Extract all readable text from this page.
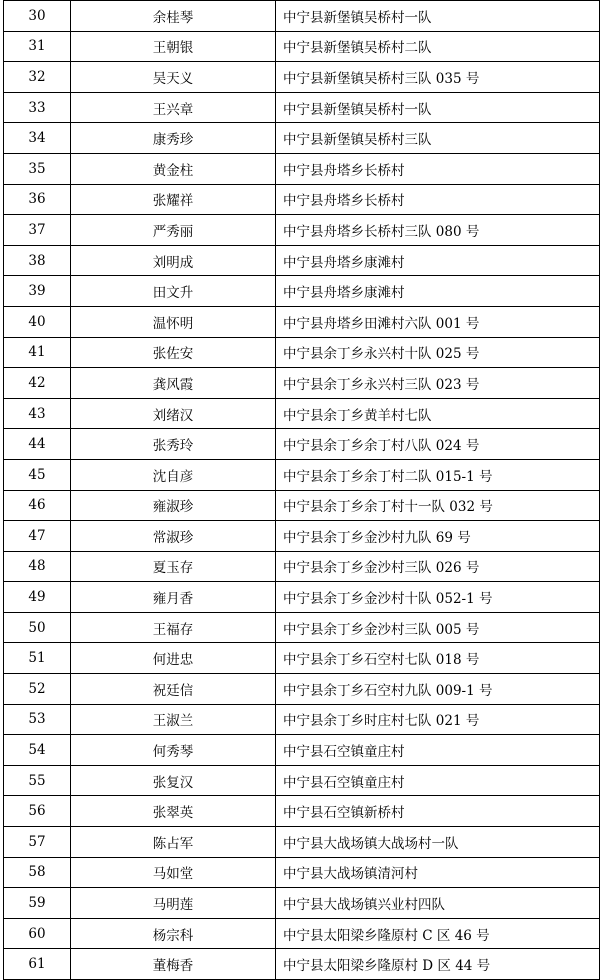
30	余桂琴	中宁县新堡镇吴桥村一队
31	王朝银	中宁县新堡镇吴桥村二队
32	吴天义	中宁县新堡镇吴桥村三队 035 号
33	王兴章	中宁县新堡镇吴桥村一队
34	康秀珍	中宁县新堡镇吴桥村三队
35	黄金柱	中宁县舟塔乡长桥村
36	张耀祥	中宁县舟塔乡长桥村
37	严秀丽	中宁县舟塔乡长桥村三队 080 号
38	刘明成	中宁县舟塔乡康滩村
39	田文升	中宁县舟塔乡康滩村
40	温怀明	中宁县舟塔乡田滩村六队 001 号
41	张佐安	中宁县余丁乡永兴村十队 025 号
42	龚风霞	中宁县余丁乡永兴村三队 023 号
43	刘绪汉	中宁县余丁乡黄羊村七队
44	张秀玲	中宁县余丁乡余丁村八队 024 号
45	沈自彦	中宁县余丁乡余丁村二队 015-1 号
46	雍淑珍	中宁县余丁乡余丁村十一队 032 号
47	常淑珍	中宁县余丁乡金沙村九队 69 号
48	夏玉存	中宁县余丁乡金沙村三队 026 号
49	雍月香	中宁县余丁乡金沙村十队 052-1 号
50	王福存	中宁县余丁乡金沙村三队 005 号
51	何进忠	中宁县余丁乡石空村七队 018 号
52	祝廷信	中宁县余丁乡石空村九队 009-1 号
53	王淑兰	中宁县余丁乡时庄村七队 021 号
54	何秀琴	中宁县石空镇童庄村
55	张复汉	中宁县石空镇童庄村
56	张翠英	中宁县石空镇新桥村
57	陈占军	中宁县大战场镇大战场村一队
58	马如堂	中宁县大战场镇清河村
59	马明莲	中宁县大战场镇兴业村四队
60	杨宗科	中宁县太阳梁乡隆原村 C 区 46 号
61	董梅香	中宁县太阳梁乡隆原村 D 区 44 号
